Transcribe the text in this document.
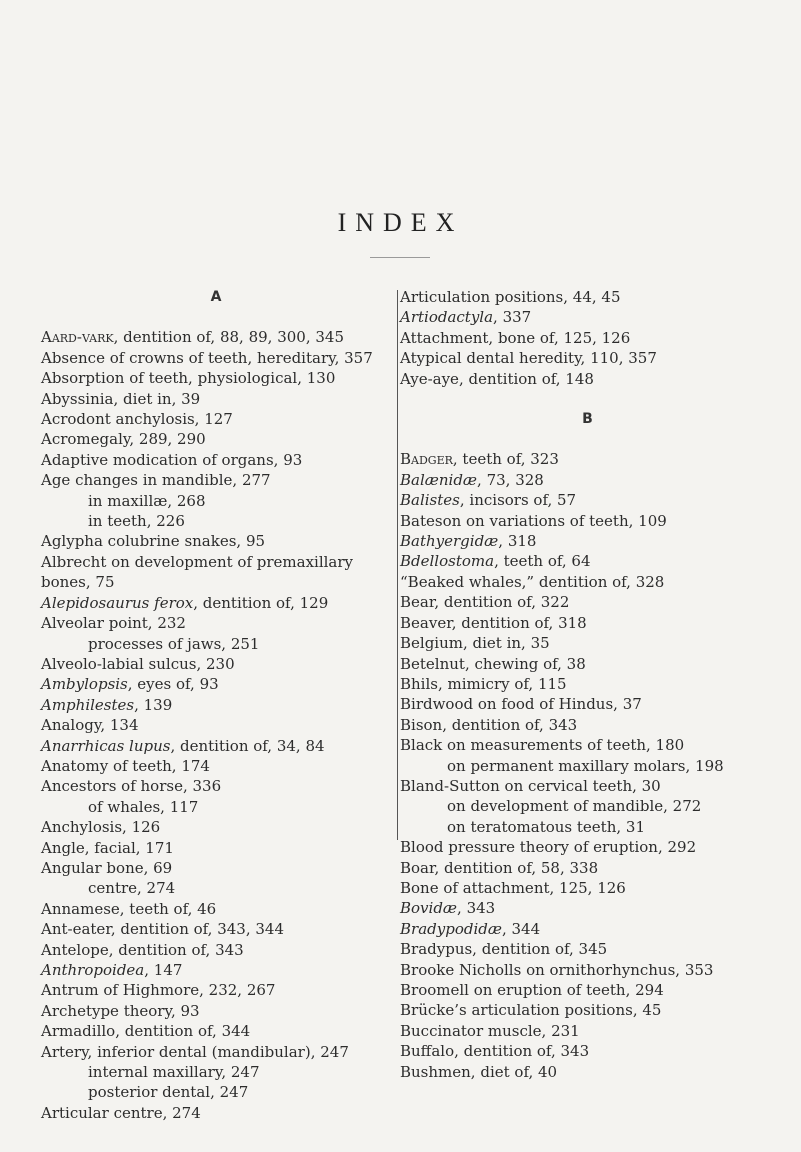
INDEX
A
Aard-vark, dentition of, 88, 89, 300, 345
Absence of crowns of teeth, hereditary, 357
Absorption of teeth, physiological, 130
Abyssinia, diet in, 39
Acrodont anchylosis, 127
Acromegaly, 289, 290
Adaptive modication of organs, 93
Age changes in mandible, 277
in maxillæ, 268
in teeth, 226
Aglypha colubrine snakes, 95
Albrecht on development of premaxillary bones, 75
Alepidosaurus ferox, dentition of, 129
Alveolar point, 232
processes of jaws, 251
Alveolo-labial sulcus, 230
Ambylopsis, eyes of, 93
Amphilestes, 139
Analogy, 134
Anarrhicas lupus, dentition of, 34, 84
Anatomy of teeth, 174
Ancestors of horse, 336
of whales, 117
Anchylosis, 126
Angle, facial, 171
Angular bone, 69
centre, 274
Annamese, teeth of, 46
Ant-eater, dentition of, 343, 344
Antelope, dentition of, 343
Anthropoidea, 147
Antrum of Highmore, 232, 267
Archetype theory, 93
Armadillo, dentition of, 344
Artery, inferior dental (mandibular), 247
internal maxillary, 247
posterior dental, 247
Articular centre, 274
Articulation positions, 44, 45
Artiodactyla, 337
Attachment, bone of, 125, 126
Atypical dental heredity, 110, 357
Aye-aye, dentition of, 148
B
Badger, teeth of, 323
Balænidæ, 73, 328
Balistes, incisors of, 57
Bateson on variations of teeth, 109
Bathyergidæ, 318
Bdellostoma, teeth of, 64
“Beaked whales,” dentition of, 328
Bear, dentition of, 322
Beaver, dentition of, 318
Belgium, diet in, 35
Betelnut, chewing of, 38
Bhils, mimicry of, 115
Birdwood on food of Hindus, 37
Bison, dentition of, 343
Black on measurements of teeth, 180
on permanent maxillary molars, 198
Bland-Sutton on cervical teeth, 30
on development of mandible, 272
on teratomatous teeth, 31
Blood pressure theory of eruption, 292
Boar, dentition of, 58, 338
Bone of attachment, 125, 126
Bovidæ, 343
Bradypodidæ, 344
Bradypus, dentition of, 345
Brooke Nicholls on ornithorhynchus, 353
Broomell on eruption of teeth, 294
Brücke’s articulation positions, 45
Buccinator muscle, 231
Buffalo, dentition of, 343
Bushmen, diet of, 40
